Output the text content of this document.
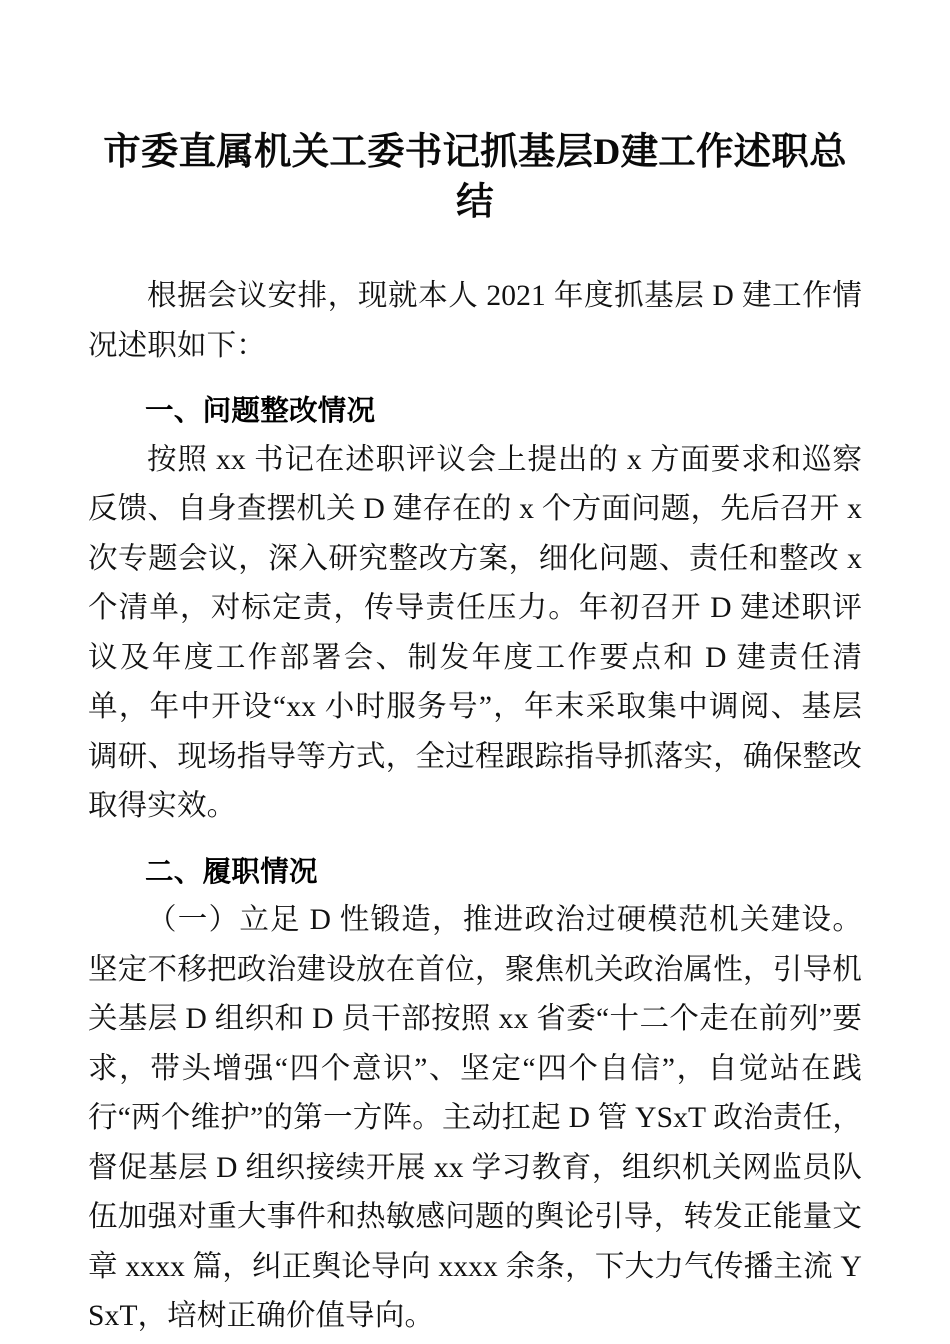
市委直属机关工委书记抓基层D建工作述职总结

根据会议安排，现就本人 2021 年度抓基层 D 建工作情况述职如下：

一、问题整改情况

按照 xx 书记在述职评议会上提出的 x 方面要求和巡察反馈、自身查摆机关 D 建存在的 x 个方面问题，先后召开 x 次专题会议，深入研究整改方案，细化问题、责任和整改 x 个清单，对标定责，传导责任压力。年初召开 D 建述职评议及年度工作部署会、制发年度工作要点和 D 建责任清单，年中开设“xx 小时服务号”，年末采取集中调阅、基层调研、现场指导等方式，全过程跟踪指导抓落实，确保整改取得实效。

二、履职情况

（一）立足 D 性锻造，推进政治过硬模范机关建设。坚定不移把政治建设放在首位，聚焦机关政治属性，引导机关基层 D 组织和 D 员干部按照 xx 省委“十二个走在前列”要求，带头增强“四个意识”、坚定“四个自信”，自觉站在践行“两个维护”的第一方阵。主动扛起 D 管 YSxT 政治责任，督促基层 D 组织接续开展 xx 学习教育，组织机关网监员队伍加强对重大事件和热敏感问题的舆论引导，转发正能量文章 xxxx 篇，纠正舆论导向 xxxx 余条，下大力气传播主流 YSxT，培树正确价值导向。
